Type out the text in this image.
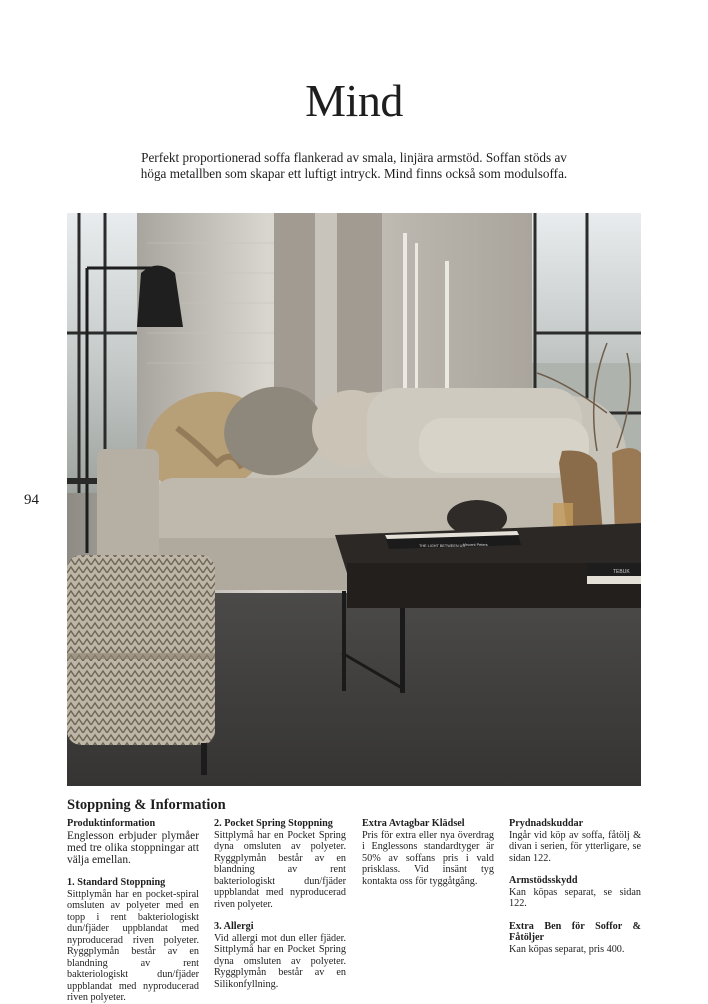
Mind
Perfekt proportionerad soffa flankerad av smala, linjära armstöd. Soffan stöds av höga metallben som skapar ett luftigt intryck. Mind finns också som modulsoffa.
94
THE LIGHT BETWEEN US
Vincent Peters
TEBUK
Stoppning & Information

Produktinformation

Englesson erbjuder plymåer med tre olika stoppningar att välja emellan.

1. Standard Stoppning

Sittplymån har en pocket-spiral omsluten av polyeter med en topp i rent bakteriologiskt dun/fjäder uppblandat med nyproducerad riven polyeter. Ryggplymån består av en blandning av rent bakteriologiskt dun/fjäder uppblandat med nyproducerad riven polyeter.

2. Pocket Spring Stoppning

Sittplymå har en Pocket Spring dyna omsluten av polyeter. Ryggplymån består av en blandning av rent bakteriologiskt dun/fjäder uppblandat med nyproducerad riven polyeter.

3. Allergi

Vid allergi mot dun eller fjäder. Sittplymå har en Pocket Spring dyna omsluten av polyeter. Ryggplymån består av en Silikonfyllning.

Extra Avtagbar Klädsel

Pris för extra eller nya överdrag i Englessons standardtyger är 50% av soffans pris i vald prisklass. Vid insänt tyg kontakta oss för tyggåtgång.

Prydnadskuddar

Ingår vid köp av soffa, fåtölj & divan i serien, för ytterligare, se sidan 122.

Armstödsskydd

Kan köpas separat, se sidan 122.

Extra Ben för Soffor & Fåtöljer

Kan köpas separat, pris 400.
